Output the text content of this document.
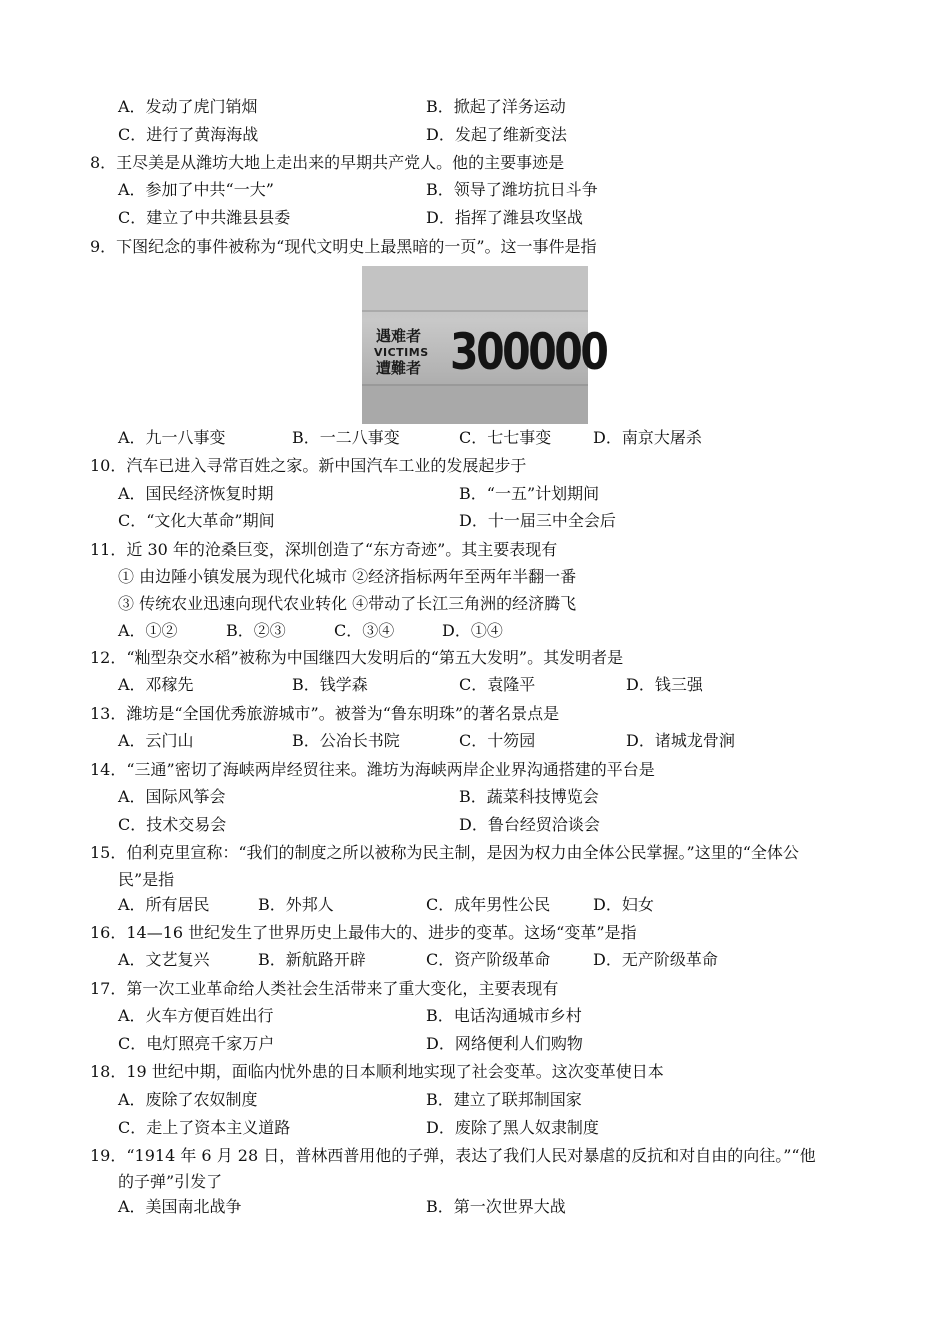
A．发动了虎门销烟	B．掀起了洋务运动
C．进行了黄海海战	D．发起了维新变法
8．王尽美是从潍坊大地上走出来的早期共产党人。他的主要事迹是
A．参加了中共“一大”	B．领导了潍坊抗日斗争
C．建立了中共潍县县委	D．指挥了潍县攻坚战
9．下图纪念的事件被称为“现代文明史上最黑暗的一页”。这一事件是指
遇难者
VICTIMS
遭難者 300000
A．九一八事变	B．一二八事变	C．七七事变	D．南京大屠杀
10．汽车已进入寻常百姓之家。新中国汽车工业的发展起步于
A．国民经济恢复时期	B．“一五”计划期间
C．“文化大革命”期间	D．十一届三中全会后
11．近 30 年的沧桑巨变，深圳创造了“东方奇迹”。其主要表现有
① 由边陲小镇发展为现代化城市 ②经济指标两年至两年半翻一番
③ 传统农业迅速向现代农业转化 ④带动了长江三角洲的经济腾飞
A．①②	B．②③	C．③④	D．①④
12．“籼型杂交水稻”被称为中国继四大发明后的“第五大发明”。其发明者是
A．邓稼先	B．钱学森	C．袁隆平	D．钱三强
13．潍坊是“全国优秀旅游城市”。被誉为“鲁东明珠”的著名景点是
A．云门山	B．公冶长书院	C．十笏园	D．诸城龙骨涧
14．“三通”密切了海峡两岸经贸往来。潍坊为海峡两岸企业界沟通搭建的平台是
A．国际风筝会	B．蔬菜科技博览会
C．技术交易会	D．鲁台经贸洽谈会
15．伯利克里宣称：“我们的制度之所以被称为民主制，是因为权力由全体公民掌握。”这里的“全体公
民”是指
A．所有居民	B．外邦人	C．成年男性公民	D．妇女
16．14—16 世纪发生了世界历史上最伟大的、进步的变革。这场“变革”是指
A．文艺复兴	B．新航路开辟	C．资产阶级革命	D．无产阶级革命
17．第一次工业革命给人类社会生活带来了重大变化，主要表现有
A．火车方便百姓出行	B．电话沟通城市乡村
C．电灯照亮千家万户	D．网络便利人们购物
18．19 世纪中期，面临内忧外患的日本顺利地实现了社会变革。这次变革使日本
A．废除了农奴制度	B．建立了联邦制国家
C．走上了资本主义道路	D．废除了黑人奴隶制度
19．“1914 年 6 月 28 日，普林西普用他的子弹，表达了我们人民对暴虐的反抗和对自由的向往。”“他
的子弹”引发了
A．美国南北战争	B．第一次世界大战
